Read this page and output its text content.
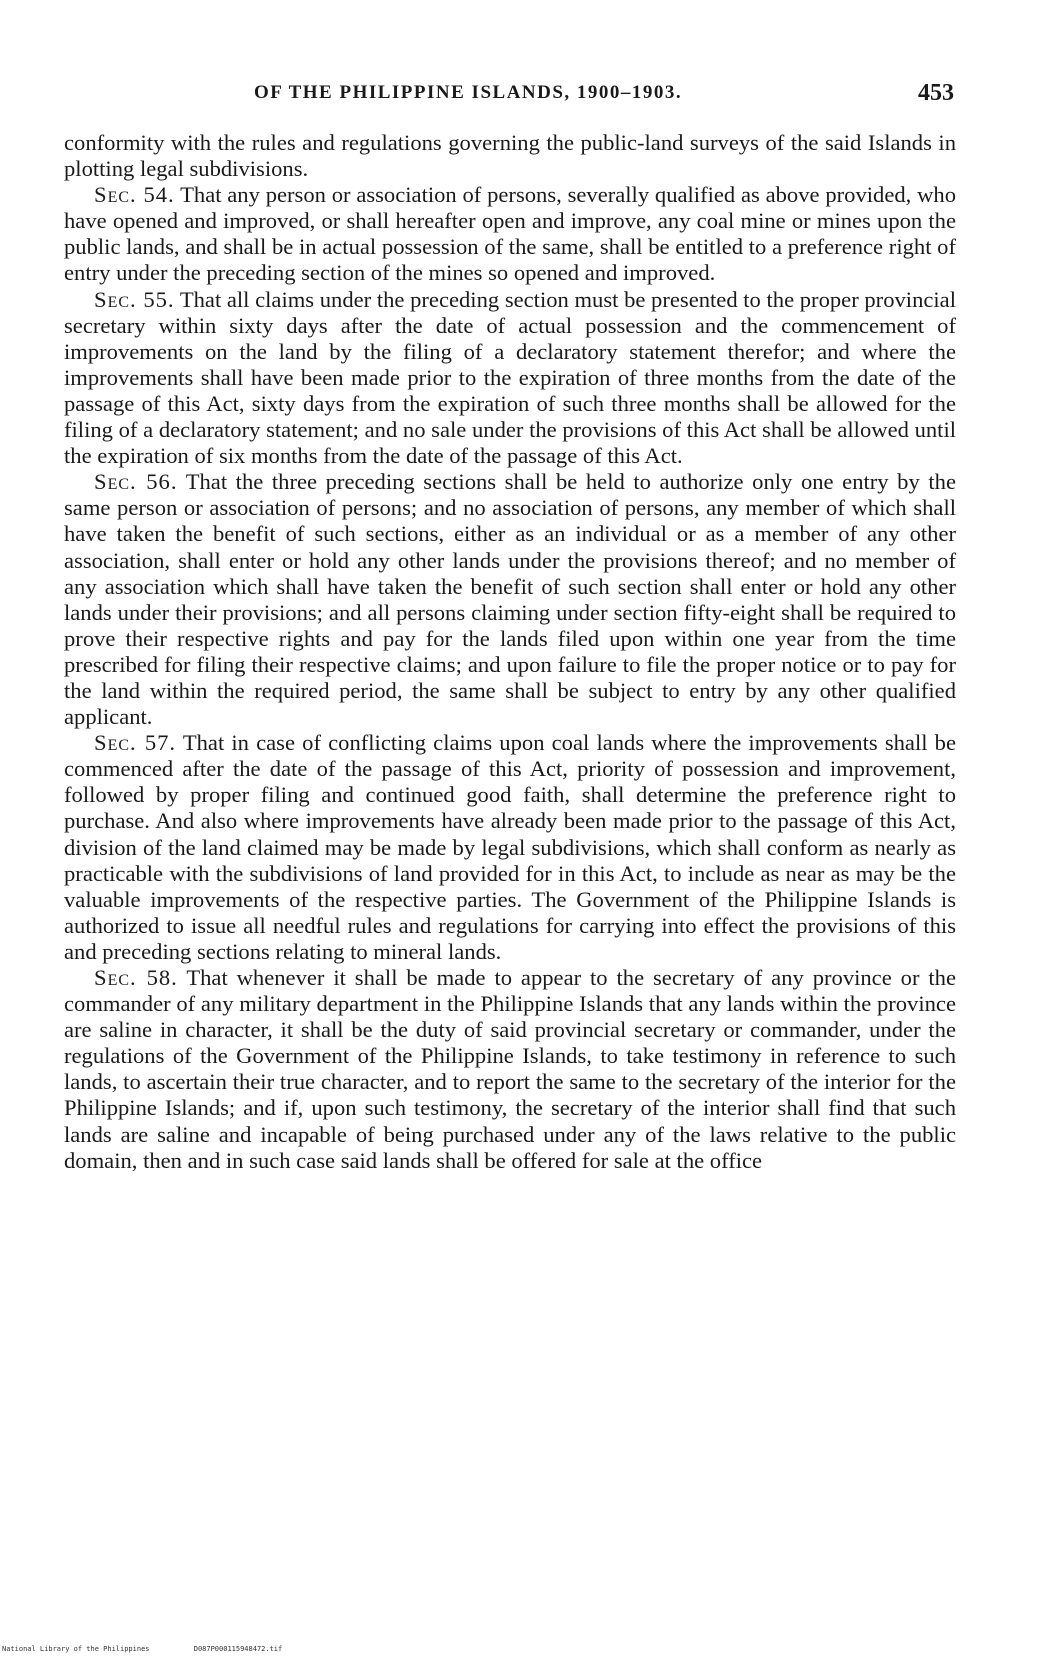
OF THE PHILIPPINE ISLANDS, 1900–1903.	453

conformity with the rules and regulations governing the public-land surveys of the said Islands in plotting legal subdivisions.

Sec. 54. That any person or association of persons, severally qualified as above provided, who have opened and improved, or shall hereafter open and improve, any coal mine or mines upon the public lands, and shall be in actual possession of the same, shall be entitled to a preference right of entry under the preceding section of the mines so opened and improved.

Sec. 55. That all claims under the preceding section must be presented to the proper provincial secretary within sixty days after the date of actual possession and the commencement of improvements on the land by the filing of a declaratory statement therefor; and where the improvements shall have been made prior to the expiration of three months from the date of the passage of this Act, sixty days from the expiration of such three months shall be allowed for the filing of a declaratory statement; and no sale under the provisions of this Act shall be allowed until the expiration of six months from the date of the passage of this Act.

Sec. 56. That the three preceding sections shall be held to authorize only one entry by the same person or association of persons; and no association of persons, any member of which shall have taken the benefit of such sections, either as an individual or as a member of any other association, shall enter or hold any other lands under the provisions thereof; and no member of any association which shall have taken the benefit of such section shall enter or hold any other lands under their provisions; and all persons claiming under section fifty-eight shall be required to prove their respective rights and pay for the lands filed upon within one year from the time prescribed for filing their respective claims; and upon failure to file the proper notice or to pay for the land within the required period, the same shall be subject to entry by any other qualified applicant.

Sec. 57. That in case of conflicting claims upon coal lands where the improvements shall be commenced after the date of the passage of this Act, priority of possession and improvement, followed by proper filing and continued good faith, shall determine the preference right to purchase. And also where improvements have already been made prior to the passage of this Act, division of the land claimed may be made by legal subdivisions, which shall conform as nearly as practicable with the subdivisions of land provided for in this Act, to include as near as may be the valuable improvements of the respective parties. The Government of the Philippine Islands is authorized to issue all needful rules and regulations for carrying into effect the provisions of this and preceding sections relating to mineral lands.

Sec. 58. That whenever it shall be made to appear to the secretary of any province or the commander of any military department in the Philippine Islands that any lands within the province are saline in character, it shall be the duty of said provincial secretary or commander, under the regulations of the Government of the Philippine Islands, to take testimony in reference to such lands, to ascertain their true character, and to report the same to the secretary of the interior for the Philippine Islands; and if, upon such testimony, the secretary of the interior shall find that such lands are saline and incapable of being purchased under any of the laws relative to the public domain, then and in such case said lands shall be offered for sale at the office

National Library of the Philippines	D087P000115948472.tif
